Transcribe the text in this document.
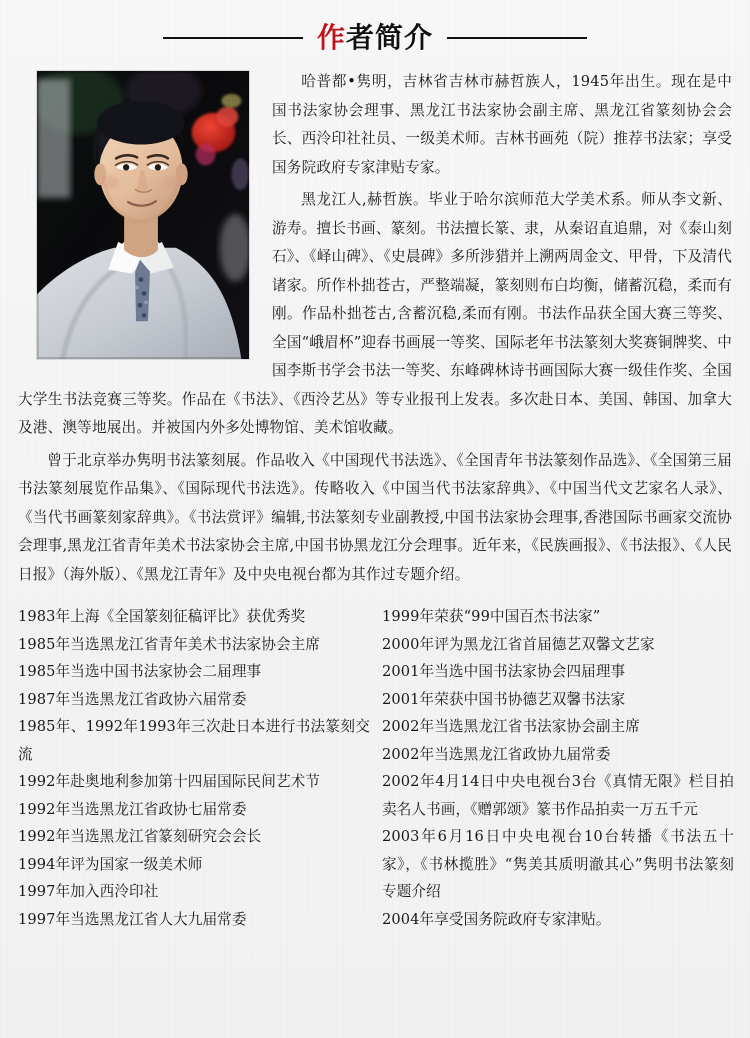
作者简介

哈普都•隽明，吉林省吉林市赫哲族人，1945年出生。现在是中国书法家协会理事、黑龙江书法家协会副主席、黑龙江省篆刻协会会长、西泠印社社员、一级美术师。吉林书画苑（院）推荐书法家；享受国务院政府专家津贴专家。

黑龙江人,赫哲族。毕业于哈尔滨师范大学美术系。师从李文新、游寿。擅长书画、篆刻。书法擅长篆、隶，从秦诏直追鼎，对《泰山刻石》、《峄山碑》、《史晨碑》多所涉猎并上溯两周金文、甲骨，下及清代诸家。所作朴拙苍古，严整端凝，篆刻则布白均衡，储蓄沉稳，柔而有刚。作品朴拙苍古,含蓄沉稳,柔而有刚。书法作品获全国大赛三等奖、全国“峨眉杯”迎春书画展一等奖、国际老年书法篆刻大奖赛铜牌奖、中国李斯书学会书法一等奖、东峰碑林诗书画国际大赛一级佳作奖、全国大学生书法竞赛三等奖。作品在《书法》、《西泠艺丛》等专业报刊上发表。多次赴日本、美国、韩国、加拿大及港、澳等地展出。并被国内外多处博物馆、美术馆收藏。

曾于北京举办隽明书法篆刻展。作品收入《中国现代书法选》、《全国青年书法篆刻作品选》、《全国第三届书法篆刻展览作品集》、《国际现代书法选》。传略收入《中国当代书法家辞典》、《中国当代文艺家名人录》、《当代书画篆刻家辞典》。《书法赏评》编辑,书法篆刻专业副教授,中国书法家协会理事,香港国际书画家交流协会理事,黑龙江省青年美术书法家协会主席,中国书协黑龙江分会理事。近年来，《民族画报》、《书法报》、《人民日报》（海外版）、《黑龙江青年》及中央电视台都为其作过专题介绍。

1983年上海《全国篆刻征稿评比》获优秀奖

1985年当选黑龙江省青年美术书法家协会主席

1985年当选中国书法家协会二届理事

1987年当选黑龙江省政协六届常委

1985年、1992年1993年三次赴日本进行书法篆刻交流

1992年赴奥地利参加第十四届国际民间艺术节

1992年当选黑龙江省政协七届常委

1992年当选黑龙江省篆刻研究会会长

1994年评为国家一级美术师

1997年加入西泠印社

1997年当选黑龙江省人大九届常委

1999年荣获“99中国百杰书法家”

2000年评为黑龙江省首届德艺双馨文艺家

2001年当选中国书法家协会四届理事

2001年荣获中国书协德艺双馨书法家

2002年当选黑龙江省书法家协会副主席

2002年当选黑龙江省政协九届常委

2002年4月14日中央电视台3台《真情无限》栏目拍卖名人书画，《赠郭颂》篆书作品拍卖一万五千元

2003年6月16日中央电视台10台转播《书法五十家》，《书林揽胜》“隽美其质明澈其心”隽明书法篆刻专题介绍

2004年享受国务院政府专家津贴。
